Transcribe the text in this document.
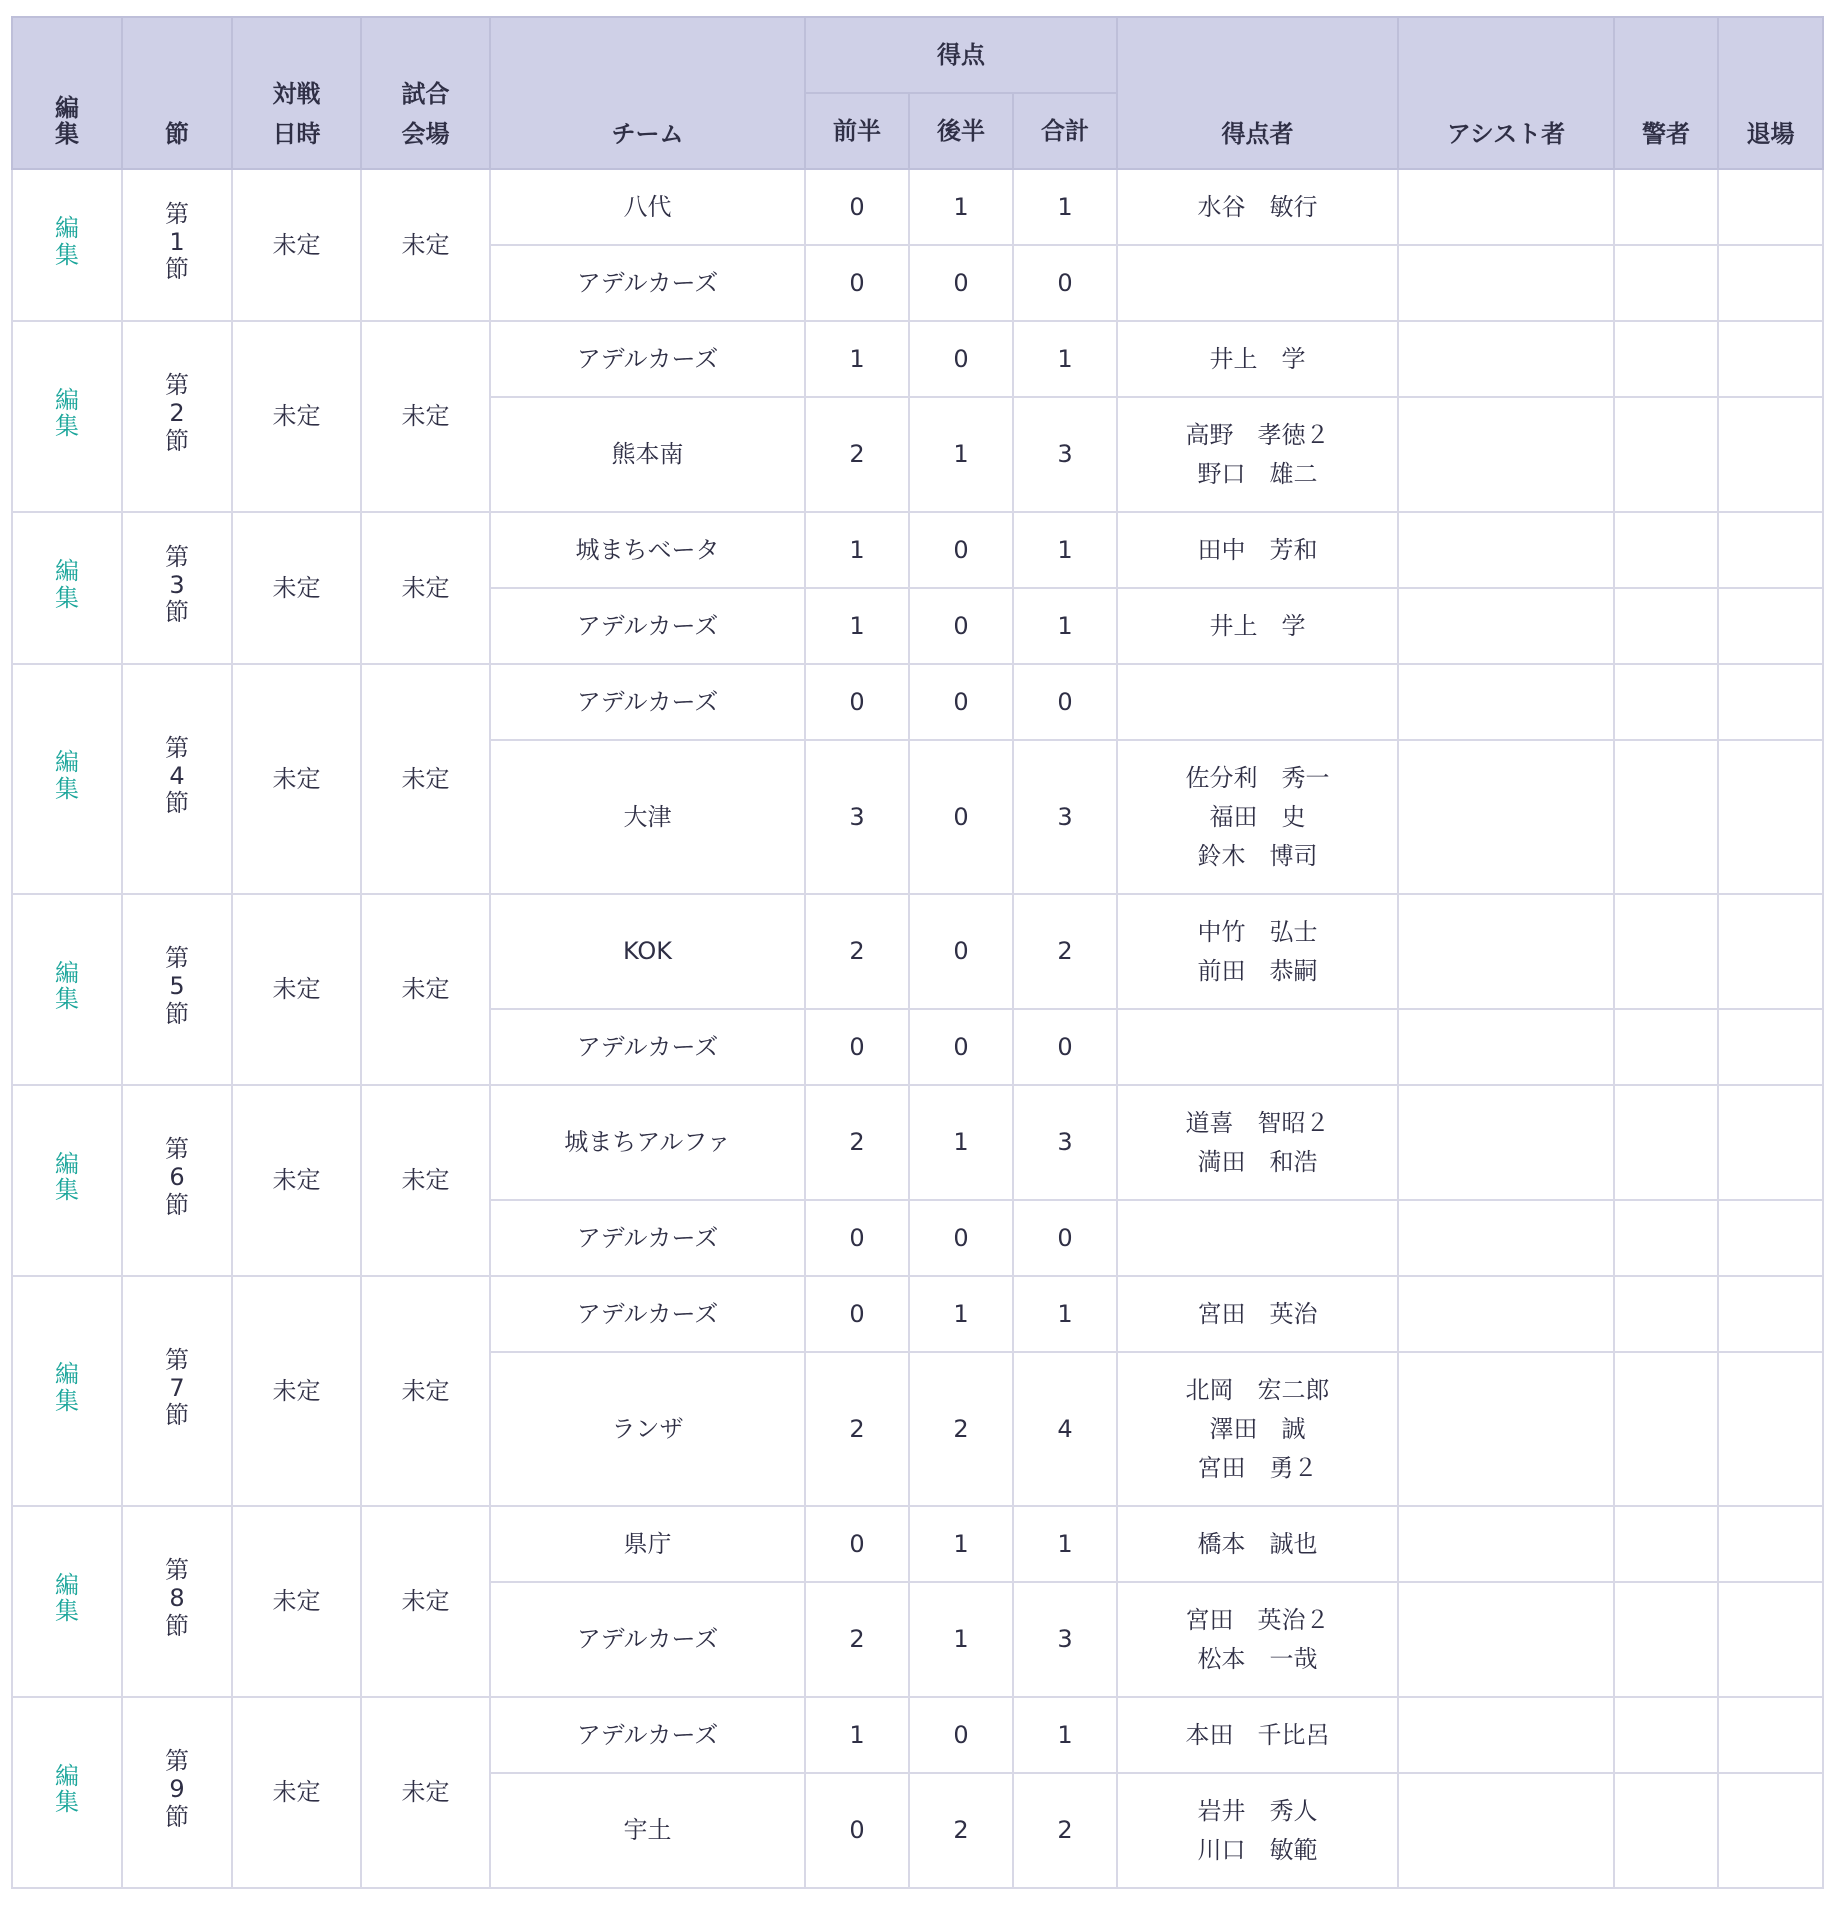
編集	節	対戦日時	試合会場	チーム	得点			得点者	アシスト者	警者	退場
					前半	後半	合計				
編集	第1節	未定	未定	八代	0	1	1	水谷　敏行			

				アデルカーズ	0	0	0				
編集	第2節	未定	未定	アデルカーズ	1	0	1	井上　学			

				熊本南	2	1	3	高野　孝徳２
野口　雄二			

編集	第3節	未定	未定	城まちベータ	1	0	1	田中　芳和			

				アデルカーズ	1	0	1	井上　学			

編集	第4節	未定	未定	アデルカーズ	0	0	0				
				大津	3	0	3	佐分利　秀一
福田　史
鈴木　博司			

編集	第5節	未定	未定	KOK	2	0	2	中竹　弘士
前田　恭嗣			

				アデルカーズ	0	0	0				
編集	第6節	未定	未定	城まちアルファ	2	1	3	道喜　智昭２
満田　和浩			

				アデルカーズ	0	0	0				
編集	第7節	未定	未定	アデルカーズ	0	1	1	宮田　英治			

				ランザ	2	2	4	北岡　宏二郎
澤田　誠
宮田　勇２			

編集	第8節	未定	未定	県庁	0	1	1	橋本　誠也			

				アデルカーズ	2	1	3	宮田　英治２
松本　一哉			

編集	第9節	未定	未定	アデルカーズ	1	0	1	本田　千比呂			

				宇土	0	2	2	岩井　秀人
川口　敏範			
